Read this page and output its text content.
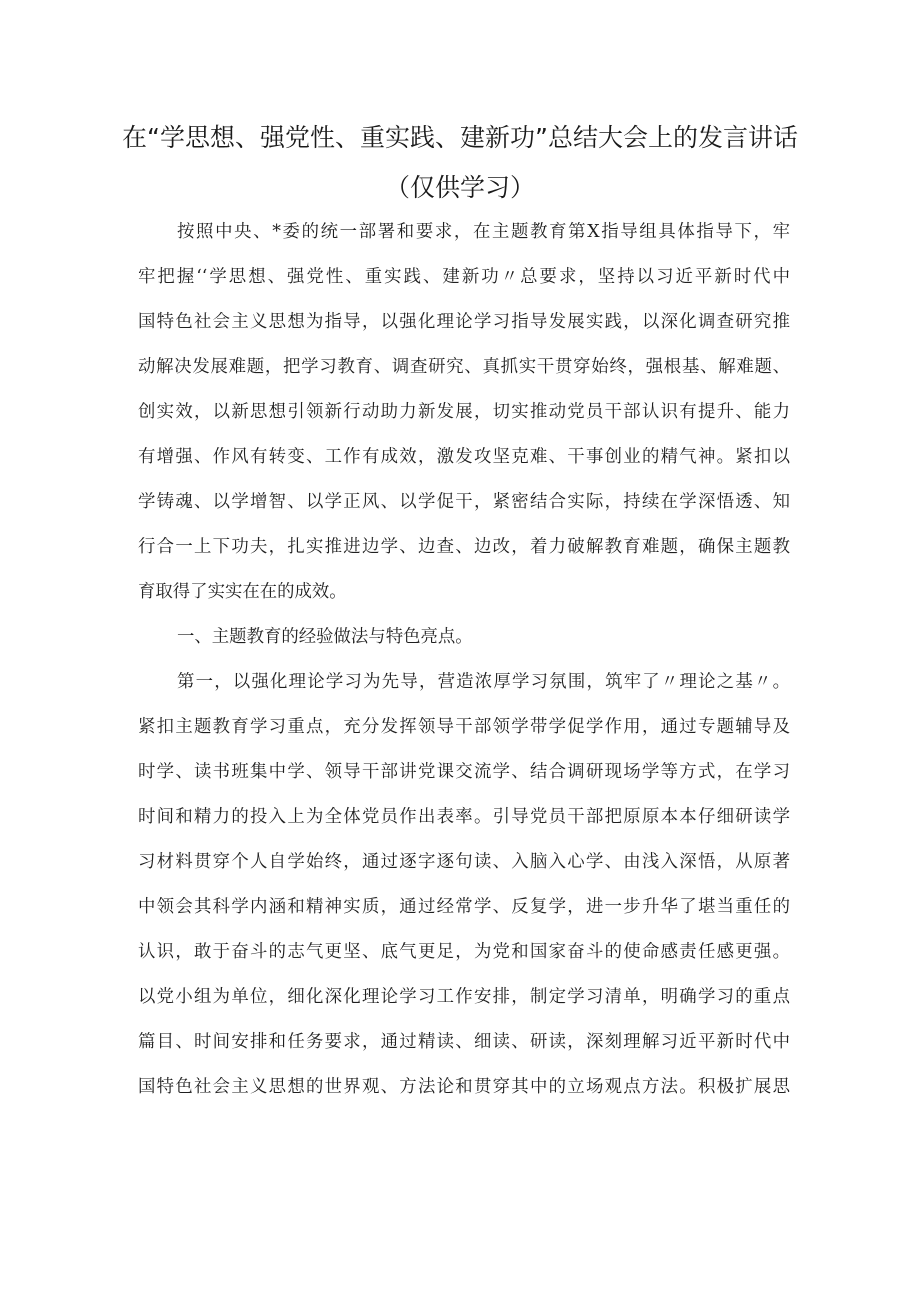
在“学思想、强党性、重实践、建新功”总结大会上的发言讲话
（仅供学习）
按照中央、*委的统一部署和要求，在主题教育第X指导组具体指导下，牢
牢把握‘‘学思想、强党性、重实践、建新功〃总要求，坚持以习近平新时代中
国特色社会主义思想为指导，以强化理论学习指导发展实践，以深化调查研究推
动解决发展难题，把学习教育、调查研究、真抓实干贯穿始终，强根基、解难题、
创实效，以新思想引领新行动助力新发展，切实推动党员干部认识有提升、能力
有增强、作风有转变、工作有成效，激发攻坚克难、干事创业的精气神。紧扣以
学铸魂、以学增智、以学正风、以学促干，紧密结合实际，持续在学深悟透、知
行合一上下功夫，扎实推进边学、边查、边改，着力破解教育难题，确保主题教
育取得了实实在在的成效。
一、主题教育的经验做法与特色亮点。
第一，以强化理论学习为先导，营造浓厚学习氛围，筑牢了〃理论之基〃。
紧扣主题教育学习重点，充分发挥领导干部领学带学促学作用，通过专题辅导及
时学、读书班集中学、领导干部讲党课交流学、结合调研现场学等方式，在学习
时间和精力的投入上为全体党员作出表率。引导党员干部把原原本本仔细研读学
习材料贯穿个人自学始终，通过逐字逐句读、入脑入心学、由浅入深悟，从原著
中领会其科学内涵和精神实质，通过经常学、反复学，进一步升华了堪当重任的
认识，敢于奋斗的志气更坚、底气更足，为党和国家奋斗的使命感责任感更强。
以党小组为单位，细化深化理论学习工作安排，制定学习清单，明确学习的重点
篇目、时间安排和任务要求，通过精读、细读、研读，深刻理解习近平新时代中
国特色社会主义思想的世界观、方法论和贯穿其中的立场观点方法。积极扩展思
